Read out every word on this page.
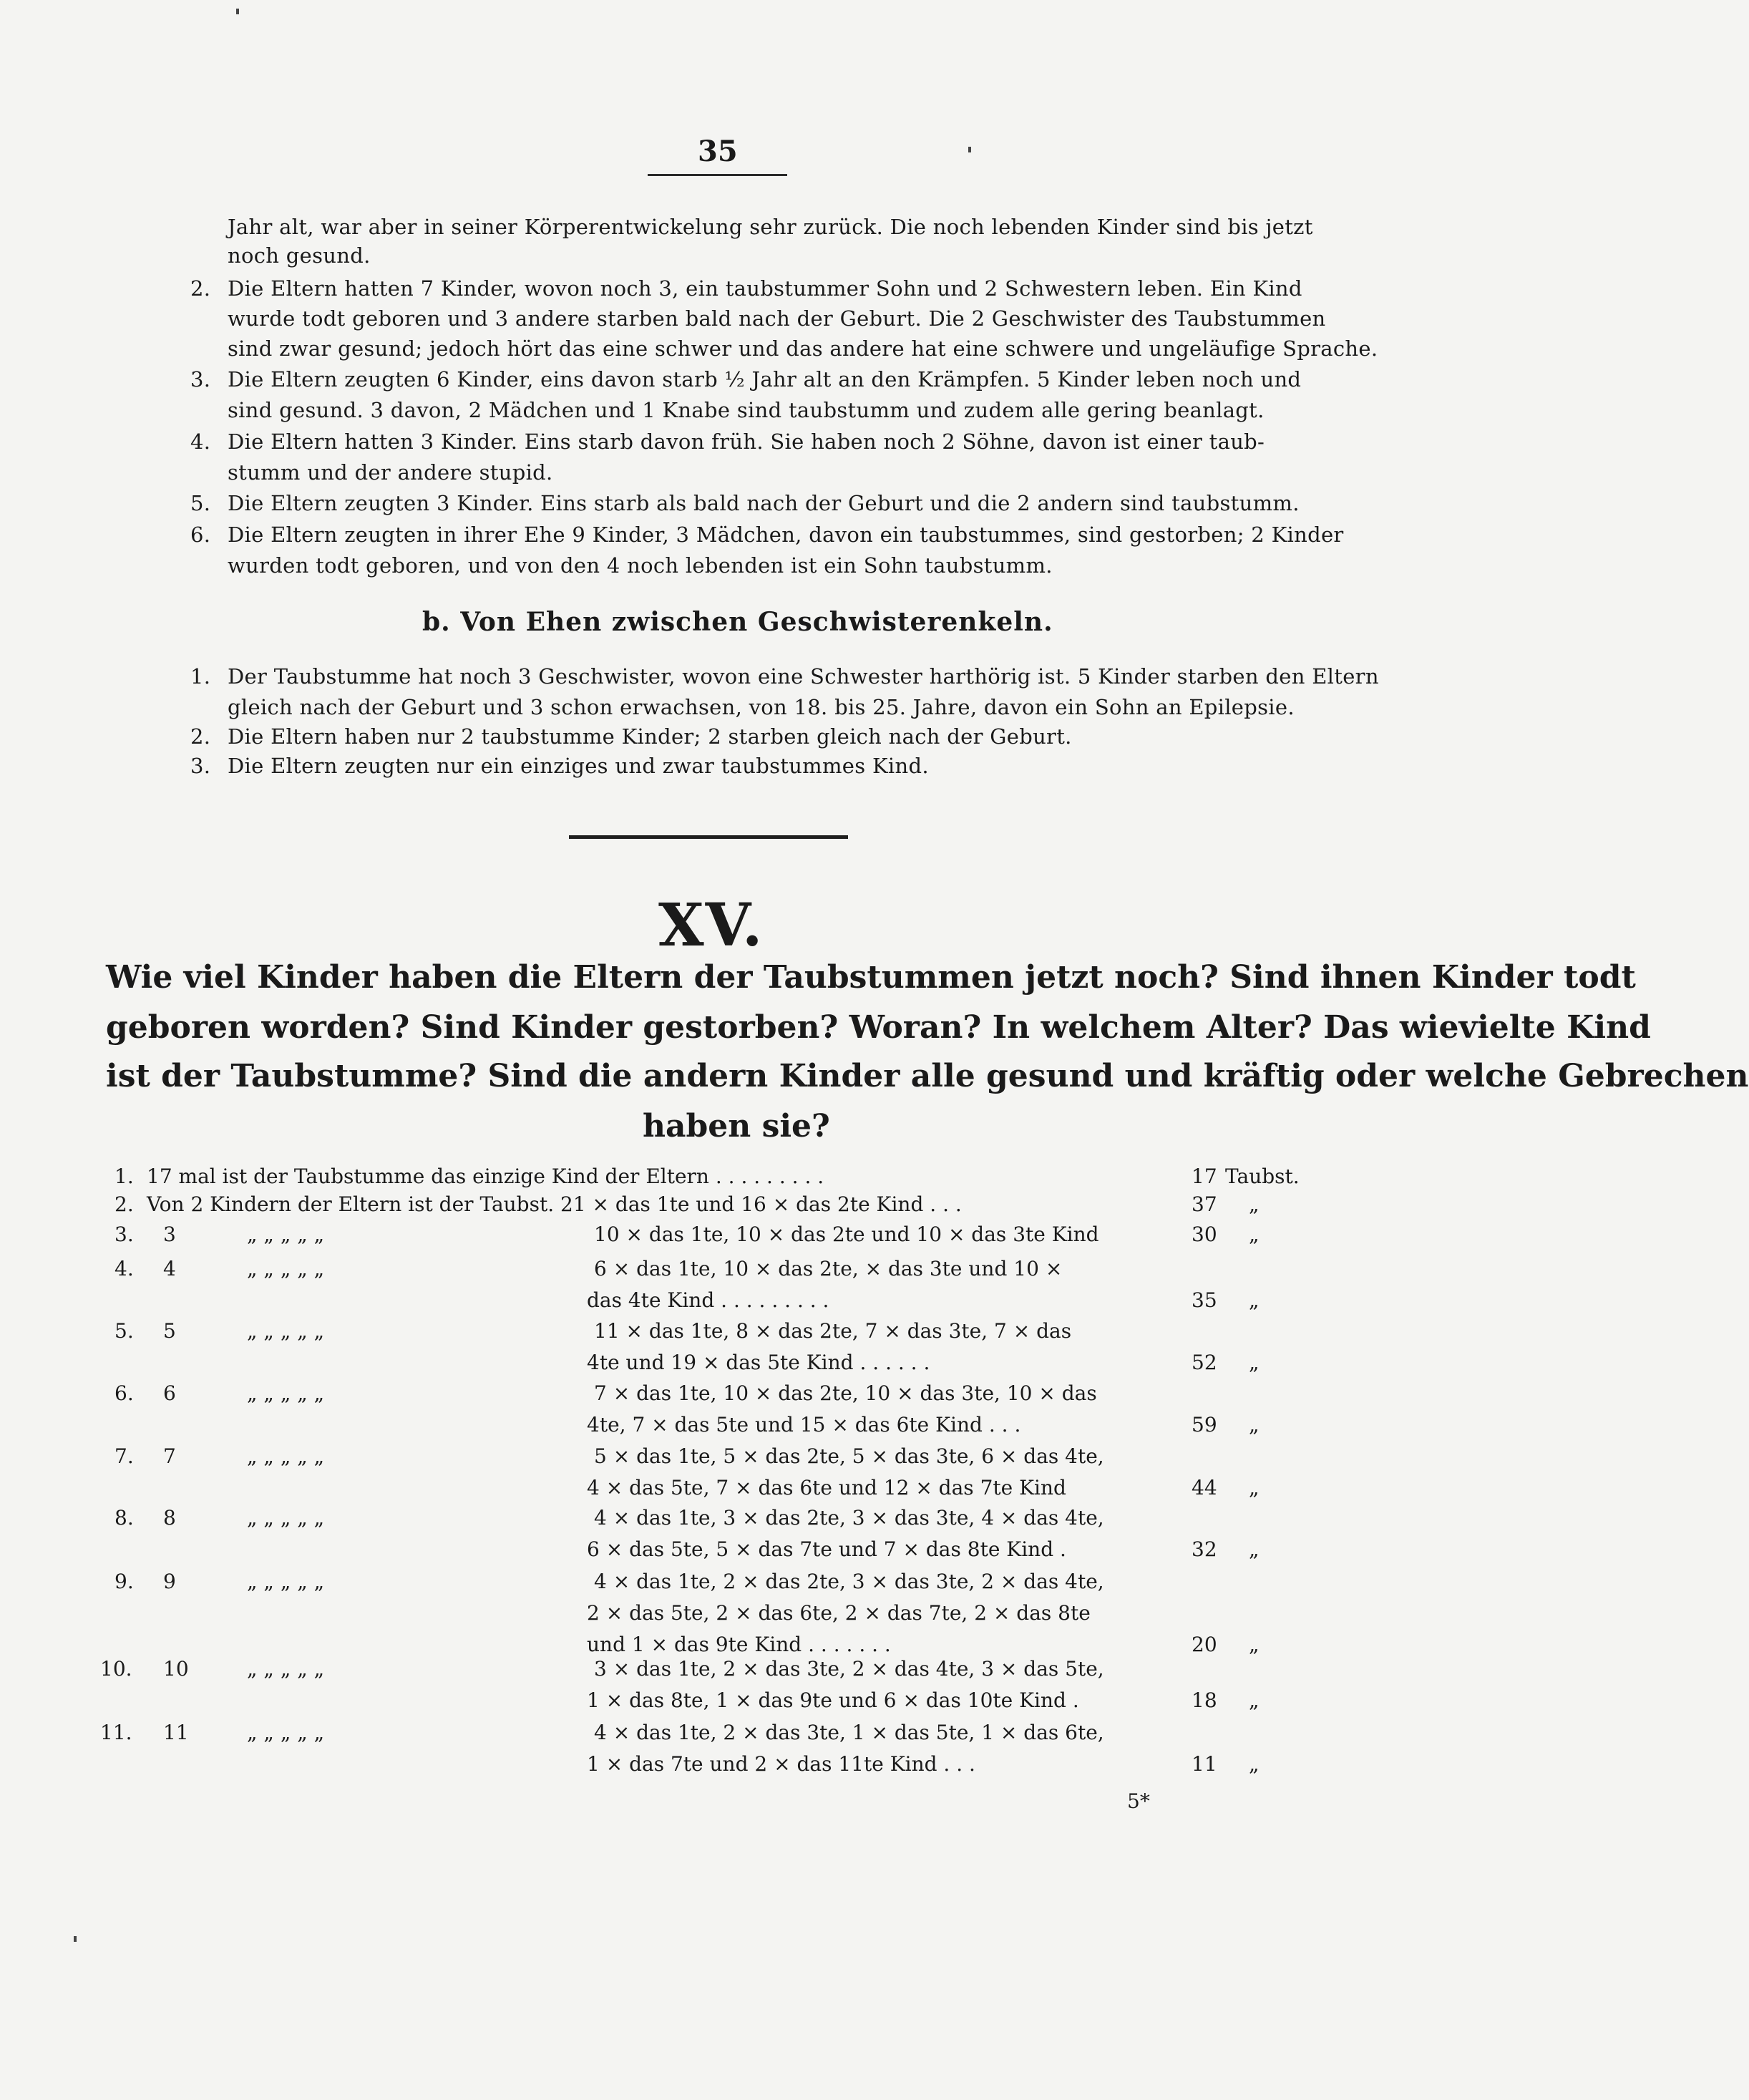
35
Jahr alt, war aber in seiner Körperentwickelung sehr zurück. Die noch lebenden Kinder sind bis jetzt
noch gesund.
2. Die Eltern hatten 7 Kinder, wovon noch 3, ein taubstummer Sohn und 2 Schwestern leben. Ein Kind
wurde todt geboren und 3 andere starben bald nach der Geburt. Die 2 Geschwister des Taubstummen
sind zwar gesund; jedoch hört das eine schwer und das andere hat eine schwere und ungeläufige Sprache.
3. Die Eltern zeugten 6 Kinder, eins davon starb ½ Jahr alt an den Krämpfen. 5 Kinder leben noch und
sind gesund. 3 davon, 2 Mädchen und 1 Knabe sind taubstumm und zudem alle gering beanlagt.
4. Die Eltern hatten 3 Kinder. Eins starb davon früh. Sie haben noch 2 Söhne, davon ist einer taub-
stumm und der andere stupid.
5. Die Eltern zeugten 3 Kinder. Eins starb als bald nach der Geburt und die 2 andern sind taubstumm.
6. Die Eltern zeugten in ihrer Ehe 9 Kinder, 3 Mädchen, davon ein taubstummes, sind gestorben; 2 Kinder
wurden todt geboren, und von den 4 noch lebenden ist ein Sohn taubstumm.
b. Von Ehen zwischen Geschwisterenkeln.
1. Der Taubstumme hat noch 3 Geschwister, wovon eine Schwester harthörig ist. 5 Kinder starben den Eltern
gleich nach der Geburt und 3 schon erwachsen, von 18. bis 25. Jahre, davon ein Sohn an Epilepsie.
2. Die Eltern haben nur 2 taubstumme Kinder; 2 starben gleich nach der Geburt.
3. Die Eltern zeugten nur ein einziges und zwar taubstummes Kind.
XV.
Wie viel Kinder haben die Eltern der Taubstummen jetzt noch? Sind ihnen Kinder todt
geboren worden? Sind Kinder gestorben? Woran? In welchem Alter? Das wievielte Kind
ist der Taubstumme? Sind die andern Kinder alle gesund und kräftig oder welche Gebrechen
haben sie?
1. 17 mal ist der Taubstumme das einzige Kind der Eltern . . . . . . . . .	17 Taubst.
2. Von 2 Kindern der Eltern ist der Taubst. 21 × das 1te und 16 × das 2te Kind . . .	37 „
3. 3	„ „ „ „ „	10 × das 1te, 10 × das 2te und 10 × das 3te Kind	30 „
4. 4	„ „ „ „ „	6 × das 1te, 10 × das 2te, × das 3te und 10 ×
das 4te Kind . . . . . . . . .	35 „
5. 5	„ „ „ „ „	11 × das 1te, 8 × das 2te, 7 × das 3te, 7 × das
4te und 19 × das 5te Kind . . . . . .	52 „
6. 6	„ „ „ „ „	7 × das 1te, 10 × das 2te, 10 × das 3te, 10 × das
4te, 7 × das 5te und 15 × das 6te Kind . . .	59 „
7. 7	„ „ „ „ „	5 × das 1te, 5 × das 2te, 5 × das 3te, 6 × das 4te,
4 × das 5te, 7 × das 6te und 12 × das 7te Kind	44 „
8. 8	„ „ „ „ „	4 × das 1te, 3 × das 2te, 3 × das 3te, 4 × das 4te,
6 × das 5te, 5 × das 7te und 7 × das 8te Kind .	32 „
9. 9	„ „ „ „ „	4 × das 1te, 2 × das 2te, 3 × das 3te, 2 × das 4te,
2 × das 5te, 2 × das 6te, 2 × das 7te, 2 × das 8te
und 1 × das 9te Kind . . . . . . .	20 „
10. 10	„ „ „ „ „	3 × das 1te, 2 × das 3te, 2 × das 4te, 3 × das 5te,
1 × das 8te, 1 × das 9te und 6 × das 10te Kind .	18 „
11. 11	„ „ „ „ „	4 × das 1te, 2 × das 3te, 1 × das 5te, 1 × das 6te,
1 × das 7te und 2 × das 11te Kind . . .	11 „
5*
